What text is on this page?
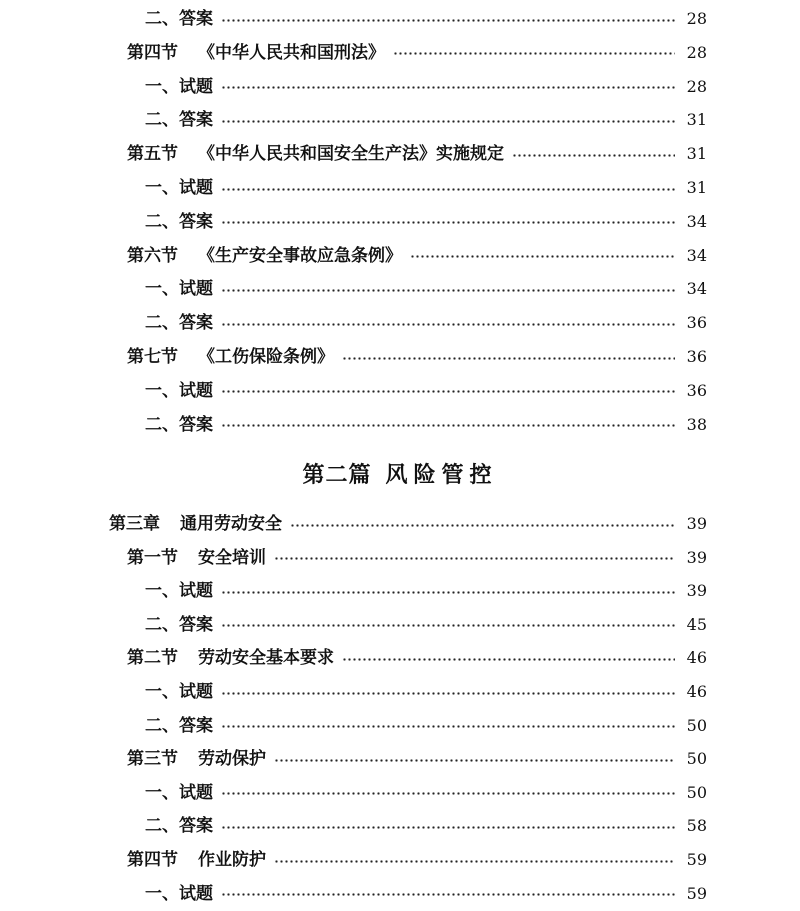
二、答案	28
第四节 《中华人民共和国刑法》	28
一、试题	28
二、答案	31
第五节 《中华人民共和国安全生产法》实施规定	31
一、试题	31
二、答案	34
第六节 《生产安全事故应急条例》	34
一、试题	34
二、答案	36
第七节 《工伤保险条例》	36
一、试题	36
二、答案	38
第二篇 风险管控
第三章 通用劳动安全	39
第一节 安全培训	39
一、试题	39
二、答案	45
第二节 劳动安全基本要求	46
一、试题	46
二、答案	50
第三节 劳动保护	50
一、试题	50
二、答案	58
第四节 作业防护	59
一、试题	59
